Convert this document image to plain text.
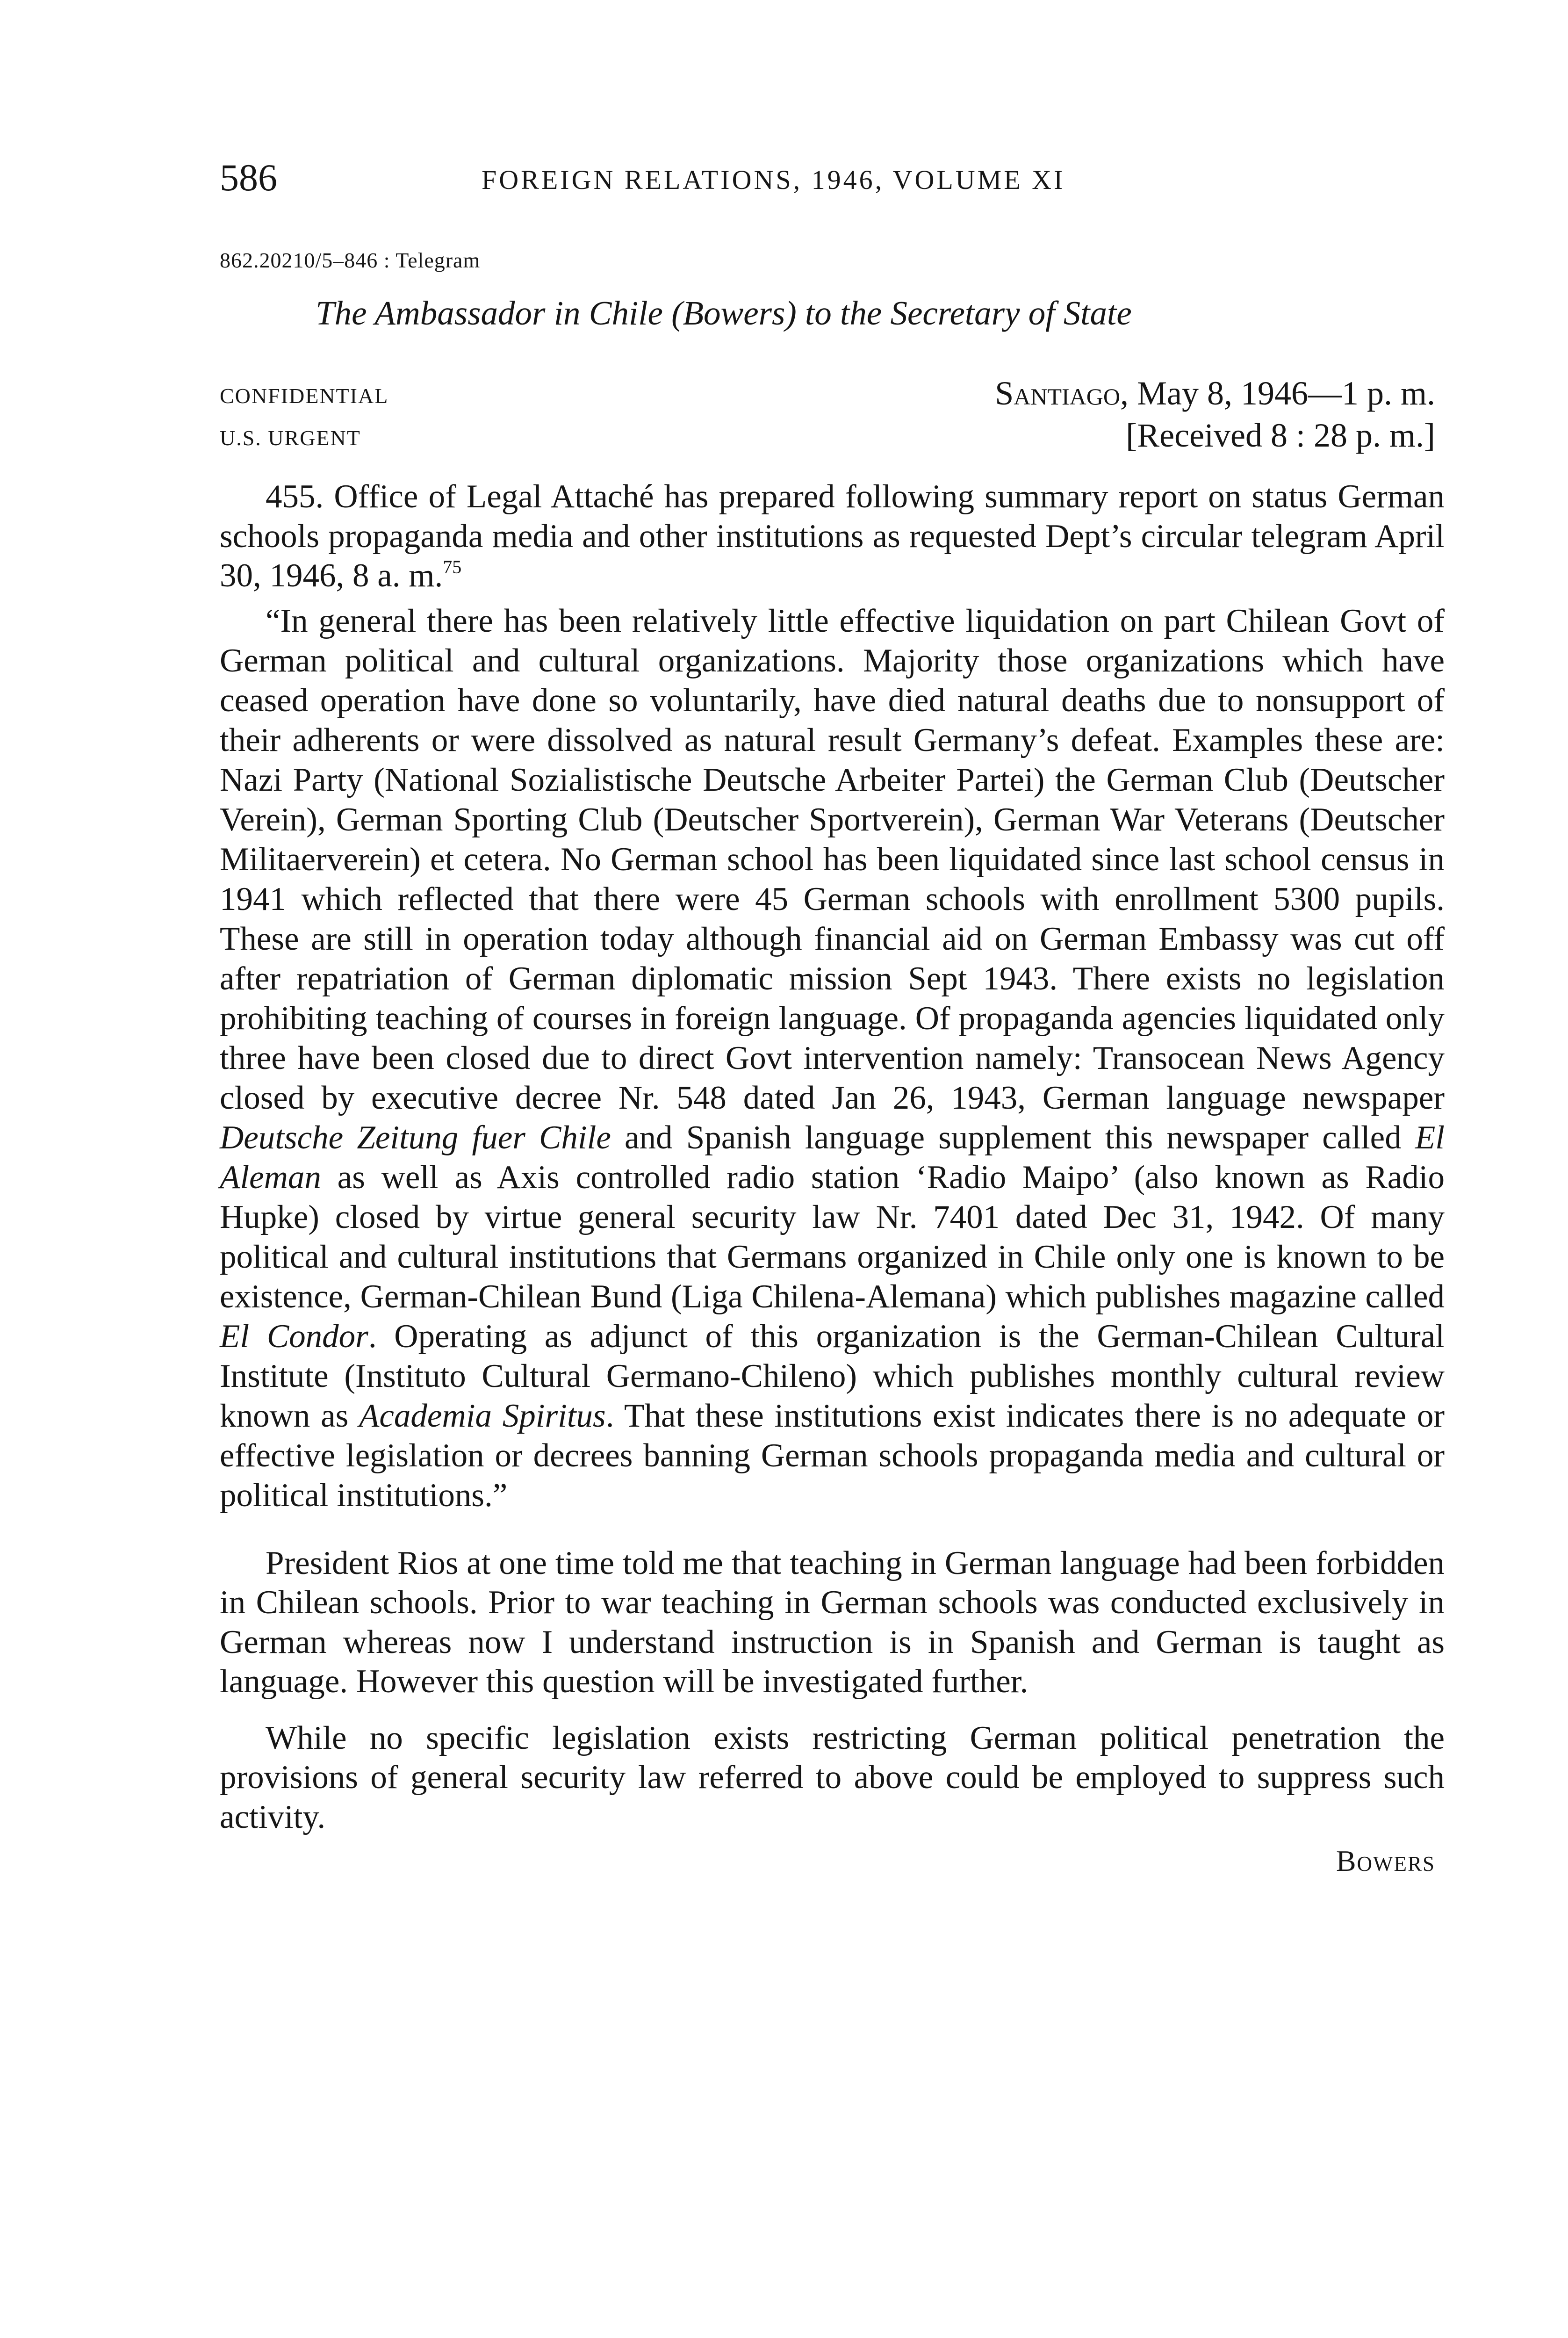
586	FOREIGN RELATIONS, 1946, VOLUME XI
862.20210/5–846 : Telegram
The Ambassador in Chile (Bowers) to the Secretary of State
CONFIDENTIAL	Santiago, May 8, 1946—1 p. m.
U.S. URGENT	[Received 8 : 28 p. m.]

455. Office of Legal Attaché has prepared following summary report on status German schools propaganda media and other institutions as requested Dept’s circular telegram April 30, 1946, 8 a. m.$^{75}$

“In general there has been relatively little effective liquidation on part Chilean Govt of German political and cultural organizations. Majority those organizations which have ceased operation have done so voluntarily, have died natural deaths due to nonsupport of their adherents or were dissolved as natural result Germany’s defeat. Examples these are: Nazi Party (National Sozialistische Deutsche Arbeiter Partei) the German Club (Deutscher Verein), German Sporting Club (Deutscher Sportverein), German War Veterans (Deutscher Militaerverein) et cetera. No German school has been liquidated since last school census in 1941 which reflected that there were 45 German schools with enrollment 5300 pupils. These are still in operation today although financial aid on German Embassy was cut off after repatriation of German diplomatic mission Sept 1943. There exists no legislation prohibiting teaching of courses in foreign language. Of propaganda agencies liquidated only three have been closed due to direct Govt intervention namely: Transocean News Agency closed by executive decree Nr. 548 dated Jan 26, 1943, German language newspaper Deutsche Zeitung fuer Chile and Spanish language supplement this newspaper called El Aleman as well as Axis controlled radio station ‘Radio Maipo’ (also known as Radio Hupke) closed by virtue general security law Nr. 7401 dated Dec 31, 1942. Of many political and cultural institutions that Germans organized in Chile only one is known to be existence, German-Chilean Bund (Liga Chilena-Alemana) which publishes magazine called El Condor. Operating as adjunct of this organization is the German-Chilean Cultural Institute (Instituto Cultural Germano-Chileno) which publishes monthly cultural review known as Academia Spiritus. That these institutions exist indicates there is no adequate or effective legislation or decrees banning German schools propaganda media and cultural or political institutions.”

President Rios at one time told me that teaching in German language had been forbidden in Chilean schools. Prior to war teaching in German schools was conducted exclusively in German whereas now I understand instruction is in Spanish and German is taught as language. However this question will be investigated further.

While no specific legislation exists restricting German political penetration the provisions of general security law referred to above could be employed to suppress such activity.

Bowers
